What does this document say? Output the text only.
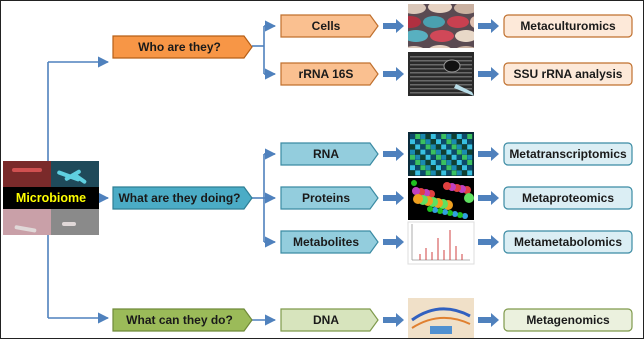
Microbiome
Who are they?
What are they doing?
What can they do?
Cells
rRNA 16S
RNA
Proteins
Metabolites
DNA
Metaculturomics
SSU rRNA analysis
Metatranscriptomics
Metaproteomics
Metametabolomics
Metagenomics
